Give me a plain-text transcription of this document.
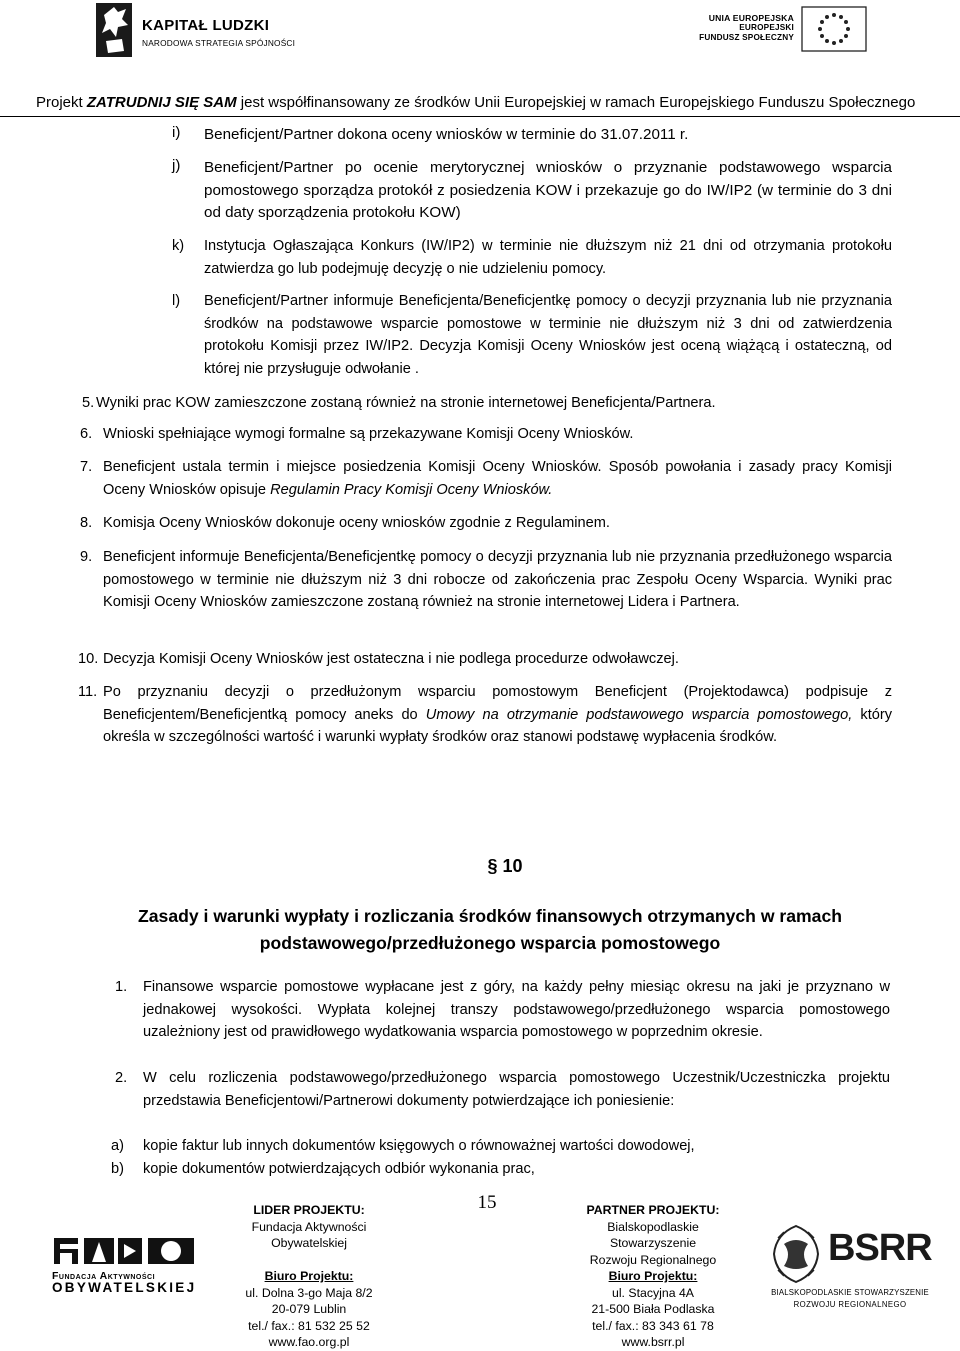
KAPITAŁ LUDZKI
NARODOWA STRATEGIA SPÓJNOŚCI
UNIA EUROPEJSKA
EUROPEJSKI
FUNDUSZ SPOŁECZNY
Projekt ZATRUDNIJ SIĘ SAM jest współfinansowany ze środków Unii Europejskiej w ramach Europejskiego Funduszu Społecznego
i) Beneficjent/Partner dokona oceny wniosków w terminie do 31.07.2011 r.
j) Beneficjent/Partner po ocenie merytorycznej wniosków o przyznanie podstawowego wsparcia pomostowego sporządza protokół z posiedzenia KOW i przekazuje go do IW/IP2 (w terminie do 3 dni od daty sporządzenia protokołu KOW)
k) Instytucja Ogłaszająca Konkurs (IW/IP2) w terminie nie dłuższym niż 21 dni od otrzymania protokołu zatwierdza go lub podejmuję decyzję o nie udzieleniu pomocy.
l) Beneficjent/Partner informuje Beneficjenta/Beneficjentkę pomocy o decyzji przyznania lub nie przyznania środków na podstawowe wsparcie pomostowe w terminie nie dłuższym niż 3 dni od zatwierdzenia protokołu Komisji przez IW/IP2. Decyzja Komisji Oceny Wniosków jest oceną wiążącą i ostateczną, od której nie przysługuje odwołanie .
5. Wyniki prac KOW zamieszczone zostaną również na stronie internetowej Beneficjenta/Partnera.
6. Wnioski spełniające wymogi formalne są przekazywane Komisji Oceny Wniosków.
7. Beneficjent ustala termin i miejsce posiedzenia Komisji Oceny Wniosków. Sposób powołania i zasady pracy Komisji Oceny Wniosków opisuje Regulamin Pracy Komisji Oceny Wniosków.
8. Komisja Oceny Wniosków dokonuje oceny wniosków zgodnie z Regulaminem.
9. Beneficjent informuje Beneficjenta/Beneficjentkę pomocy o decyzji przyznania lub nie przyznania przedłużonego wsparcia pomostowego w terminie nie dłuższym niż 3 dni robocze od zakończenia prac Zespołu Oceny Wsparcia. Wyniki prac Komisji Oceny Wniosków zamieszczone zostaną również na stronie internetowej Lidera i Partnera.
10. Decyzja Komisji Oceny Wniosków jest ostateczna i nie podlega procedurze odwoławczej.
11. Po przyznaniu decyzji o przedłużonym wsparciu pomostowym Beneficjent (Projektodawca) podpisuje z Beneficjentem/Beneficjentką pomocy aneks do Umowy na otrzymanie podstawowego wsparcia pomostowego, który określa w szczególności wartość i warunki wypłaty środków oraz stanowi podstawę wypłacenia środków.
§ 10
Zasady i warunki wypłaty i rozliczania środków finansowych otrzymanych w ramach
podstawowego/przedłużonego wsparcia pomostowego
1. Finansowe wsparcie pomostowe wypłacane jest z góry, na każdy pełny miesiąc okresu na jaki je przyznano w jednakowej wysokości. Wypłata kolejnej transzy podstawowego/przedłużonego wsparcia pomostowego uzależniony jest od prawidłowego wydatkowania wsparcia pomostowego w poprzednim okresie.
2. W celu rozliczenia podstawowego/przedłużonego wsparcia pomostowego Uczestnik/Uczestniczka projektu przedstawia Beneficjentowi/Partnerowi dokumenty potwierdzające ich poniesienie:
a) kopie faktur lub innych dokumentów księgowych o równoważnej wartości dowodowej,
b) kopie dokumentów potwierdzających odbiór wykonania prac,
15
Fundacja Aktywności
OBYWATELSKIEJ
LIDER PROJEKTU:
Fundacja Aktywności
Obywatelskiej
Biuro Projektu:
ul. Dolna 3-go Maja 8/2
20-079 Lublin
tel./ fax.: 81 532 25 52
www.fao.org.pl
PARTNER PROJEKTU:
Bialskopodlaskie
Stowarzyszenie
Rozwoju Regionalnego
Biuro Projektu:
ul. Stacyjna 4A
21-500 Biała Podlaska
tel./ fax.: 83 343 61 78
www.bsrr.pl
BSRR
BIALSKOPODLASKIE STOWARZYSZENIE
ROZWOJU REGIONALNEGO
